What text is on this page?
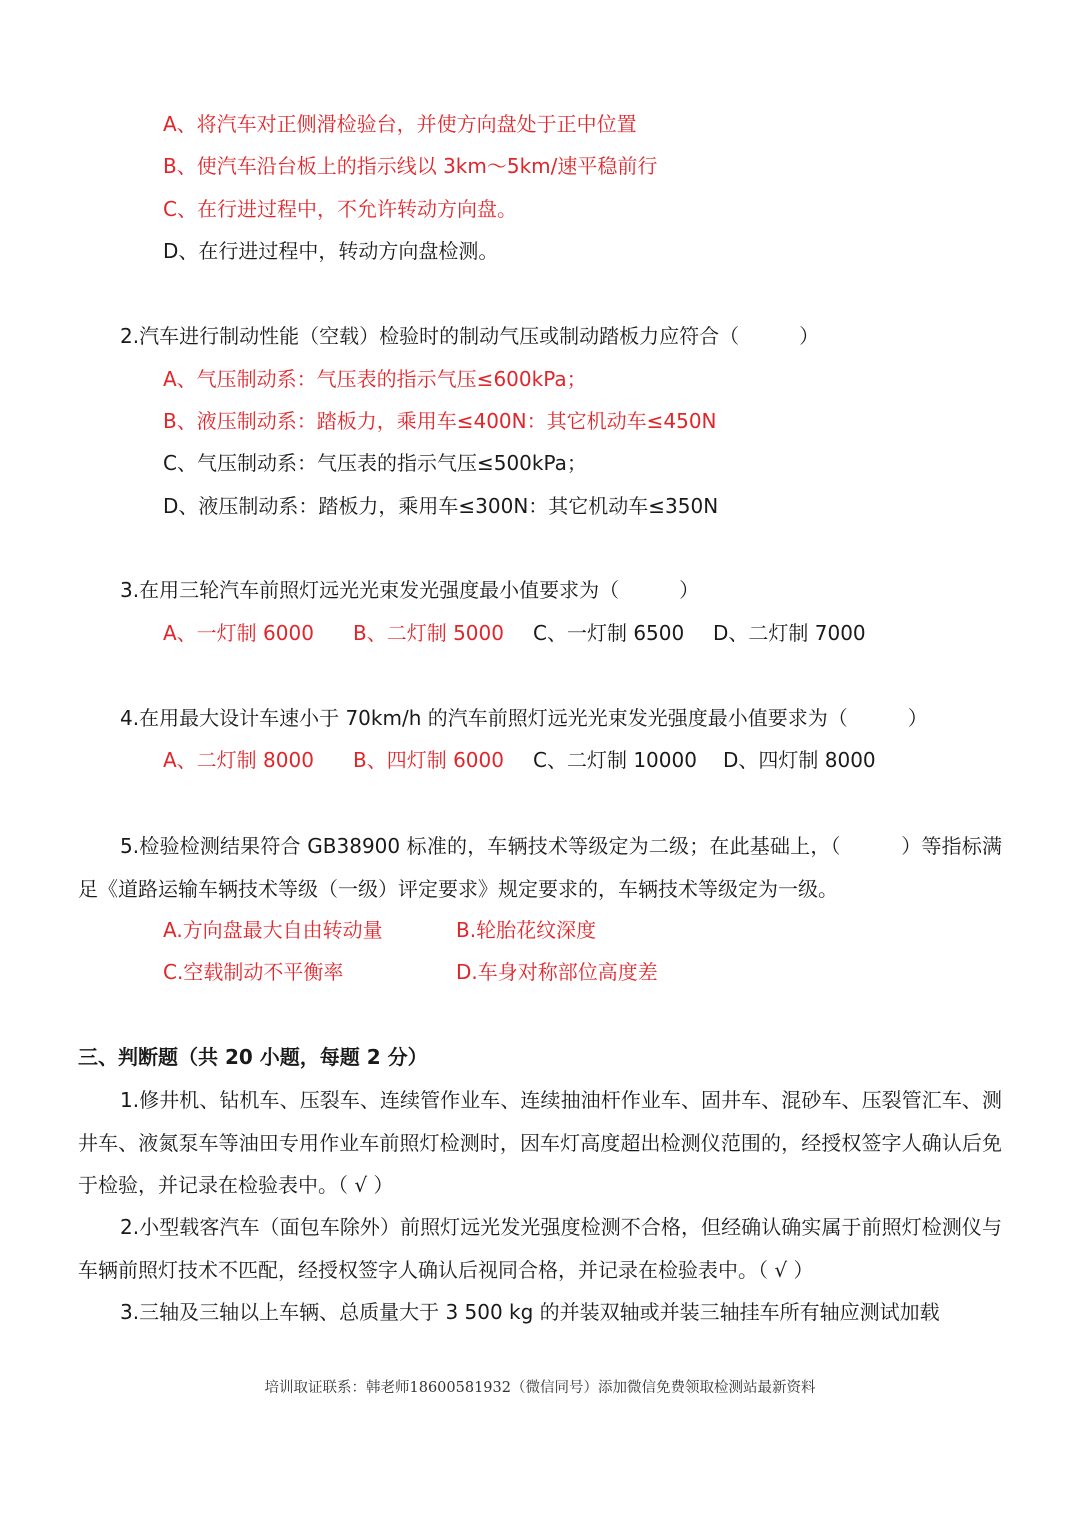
A、将汽车对正侧滑检验台，并使方向盘处于正中位置
B、使汽车沿台板上的指示线以 3km～5km/速平稳前行
C、在行进过程中，不允许转动方向盘。
D、在行进过程中，转动方向盘检测。
2.汽车进行制动性能（空载）检验时的制动气压或制动踏板力应符合（　　　）
A、气压制动系：气压表的指示气压≤600kPa；
B、液压制动系：踏板力，乘用车≤400N：其它机动车≤450N
C、气压制动系：气压表的指示气压≤500kPa；
D、液压制动系：踏板力，乘用车≤300N：其它机动车≤350N
3.在用三轮汽车前照灯远光光束发光强度最小值要求为（　　　）
A、一灯制 6000 B、二灯制 5000 C、一灯制 6500 D、二灯制 7000
4.在用最大设计车速小于 70km/h 的汽车前照灯远光光束发光强度最小值要求为（　　　）
A、二灯制 8000 B、四灯制 6000 C、二灯制 10000 D、四灯制 8000
5.检验检测结果符合 GB38900 标准的，车辆技术等级定为二级；在此基础上，（　　　）等指标满足《道路运输车辆技术等级（一级）评定要求》规定要求的，车辆技术等级定为一级。
A.方向盘最大自由转动量	B.轮胎花纹深度
C.空载制动不平衡率	D.车身对称部位高度差
三、判断题（共 20 小题，每题 2 分）
1.修井机、钻机车、压裂车、连续管作业车、连续抽油杆作业车、固井车、混砂车、压裂管汇车、测井车、液氮泵车等油田专用作业车前照灯检测时，因车灯高度超出检测仪范围的，经授权签字人确认后免于检验，并记录在检验表中。（ √ ）
2.小型载客汽车（面包车除外）前照灯远光发光强度检测不合格，但经确认确实属于前照灯检测仪与车辆前照灯技术不匹配，经授权签字人确认后视同合格，并记录在检验表中。（ √ ）
3.三轴及三轴以上车辆、总质量大于 3 500 kg 的并装双轴或并装三轴挂车所有轴应测试加载
培训取证联系：韩老师18600581932（微信同号）添加微信免费领取检测站最新资料
